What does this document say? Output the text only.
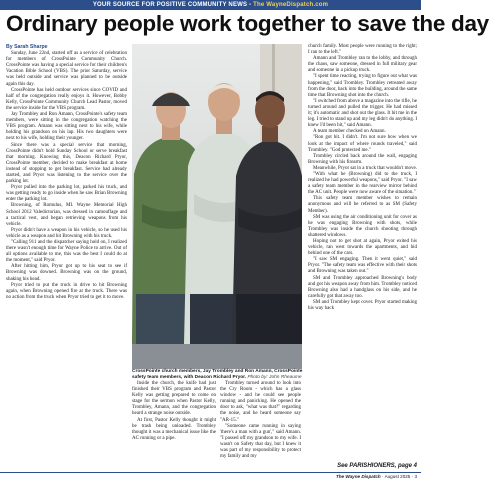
YOUR SOURCE FOR POSITIVE COMMUNITY NEWS - The WayneDispatch.com
Ordinary people work together to save the day

By Sarah Sharpe

Sunday, June 22nd, started off as a service of celebration for members of CrossPointe Community Church. CrossPointe was having a special service for their children's Vacation Bible School (VBS). The prior Saturday, service was held outside and service was planned to be outside again this day.

CrossPointe has held outdoor services since COVID and half of the congregation really enjoys it. However, Bobby Kelly, CrossPointe Community Church Lead Pastor, moved the service inside for the VBS program.

Jay Trombley and Ron Amann, CrossPointe's safety team members, were sitting in the congregation watching the VBS program. Amann was sitting next to his wife, while holding his grandson on his lap. His two daughters were next to his wife, holding their younger.

Since there was a special service that morning, CrossPointe didn't hold Sunday School or serve breakfast that morning. Knowing this, Deacon Richard Pryor, CrossPointe member, decided to make breakfast at home instead of stopping to get breakfast. Service had already started, and Pryor was listening to the service over the parking lot.

Pryor pulled into the parking lot, parked his truck, and was getting ready to go inside when he saw Brian Browning enter the parking lot.

Browning, of Romulus, MI. Wayne Memorial High School 2012 Valedictorian, was dressed in camouflage and a tactical vest, and began retrieving weapons from his vehicle.

Pryor didn't have a weapon in his vehicle, so he used his vehicle as a weapon and hit Browning with his truck.

"Calling 911 and the dispatcher saying hold on, I realized there wasn't enough time for Wayne Police to arrive. Out of all options available to me, this was the best I could do at the moment," said Pryor.

After hitting him, Pryor got up to his seat to see if Browning was downed. Browning was on the ground, shaking his head.

Pryor tried to put the truck in drive to hit Browning again, when Browning opened fire at the truck. There was no action from the truck when Pryor tried to get it to move.

CrossPointe church members, Jay Trombley and Ron Amann, CrossPointe safety team members, with Deacon Richard Pryor. Photo by: John Rheaume

Inside the church, the knife had just finished their VBS program and Pastor Kelly was getting prepared to come on stage for the sermon when Pastor Kelly, Trombley, Amann, and the congregation heard a strange noise outside.

At first, Pastor Kelly thought it might be trash being unloaded. Trombley thought it was a mechanical issue like the AC running or a pipe.

Trombley turned around to look into the Cry Room - which has a glass window - and he could see people running and panicking. He opened the door to ask, "what was that?" regarding the noise, and he heard someone say "AR-15."

"Someone came running in saying 'there's a man with a gun'," said Amann. "I passed off my grandson to my wife. I wasn't on Safety that day, but I knew it was part of my responsibility to protect my family and my

church family. Most people were running to the right; I ran to the left."

Amann and Trombley ran to the lobby, and through the chaos, saw someone, dressed in full military gear and someone in a pickup truck.

"I spent time reacting, trying to figure out what was happening," said Trombley. Trombley retreated away from the door, back into the building, around the same time that Browning shot into the church.

"I switched from above a magazine into the rifle, he turned around and pulled the trigger. He had missed it; it's automatic and shot out the glass. It hit me in the leg. I tried to stand up and my leg didn't do anything. I knew I'd been hit," said Amann.

A team member checked on Amann.

"Ron got hit. I didn't. I'm not sure how when we look at the impact of where rounds traveled," said Trombley. "God protected me."

Trombley circled back around the wall, engaging Browning with his firearm.

Meanwhile, Pryor sat in a truck that wouldn't move.

"With what he (Browning) did to the truck, I realized he had powerful weapons," said Pryor. "I saw a safety team member in the rearview mirror behind the AC unit. People were now aware of the situation."

This safety team member wishes to remain anonymous and will be referred to as SM (Safety Member).

SM was using the air conditioning unit for cover as he was engaging Browning with shots, while Trombley was inside the church shooting through shattered windows.

Hoping not to get shot at again, Pryor exited his vehicle, ran west towards the apartments, and hid behind one of the cars.

"I saw SM engaging. Then it went quiet," said Pryor. "The safety team was effective with their shots and Browning was taken out."

SM and Trombley approached Browning's body and got his weapon away from him. Trombley noticed Browning also had a handglass on his side, and he carefully got that away too.

SM and Trombley kept cover. Pryor started making his way back

See PARISHIONERS, page 4
The Wayne Dispatch · August 2025 · 3
